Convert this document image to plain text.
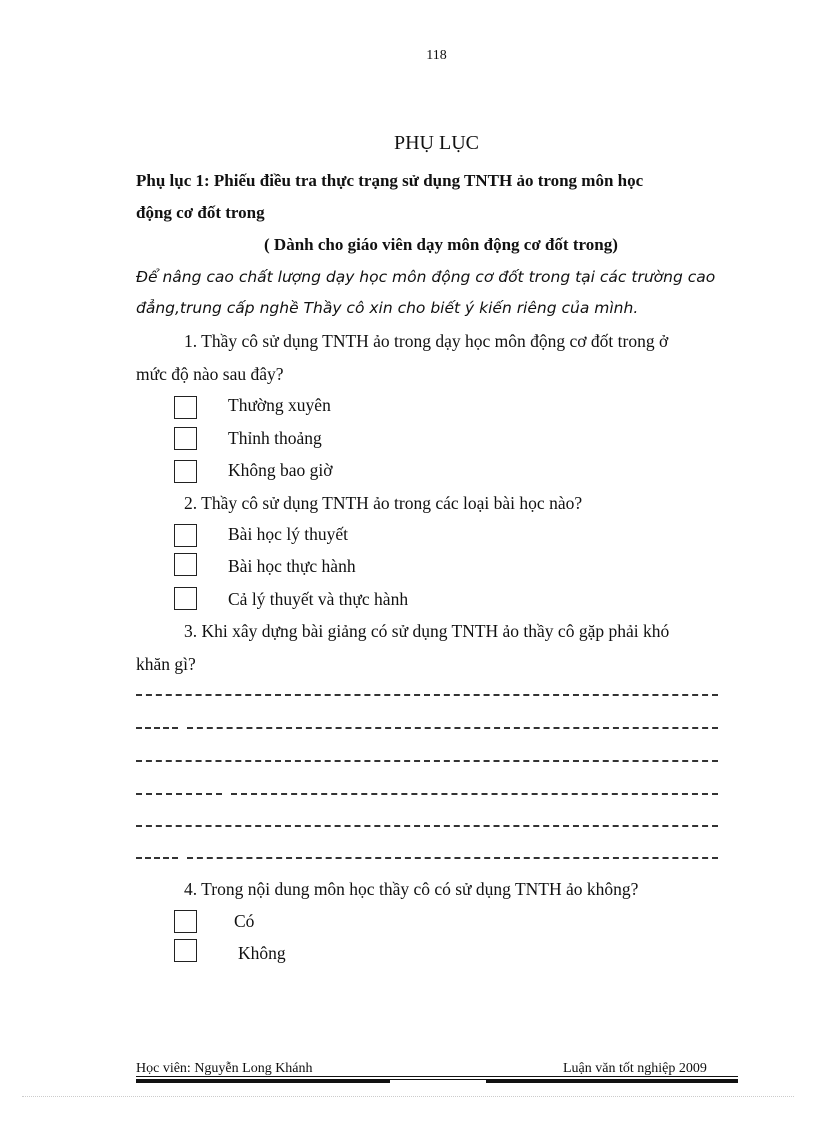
118
PHỤ LỤC
Phụ lục 1: Phiếu điều tra thực trạng sử dụng TNTH ảo trong môn học
động cơ đốt trong
( Dành cho giáo viên dạy môn động cơ đốt trong)
Để nâng cao chất lượng dạy học môn động cơ đốt trong tại các trường cao
đẳng,trung cấp nghề Thầy cô xin cho biết ý kiến riêng của mình.
1. Thầy cô sử dụng TNTH ảo trong dạy học môn động cơ đốt trong ở
mức độ nào sau đây?
Thường xuyên
Thỉnh thoảng
Không bao giờ
2. Thầy cô sử dụng TNTH ảo trong các loại bài học nào?
Bài học lý thuyết
Bài học thực hành
Cả lý thuyết và thực hành
3. Khi xây dựng bài giảng có sử dụng TNTH ảo thầy cô gặp phải khó
khăn gì?
4. Trong nội dung môn học thầy cô có sử dụng TNTH ảo không?
Có
Không
Học viên: Nguyễn Long Khánh	Luận văn tốt nghiệp 2009
